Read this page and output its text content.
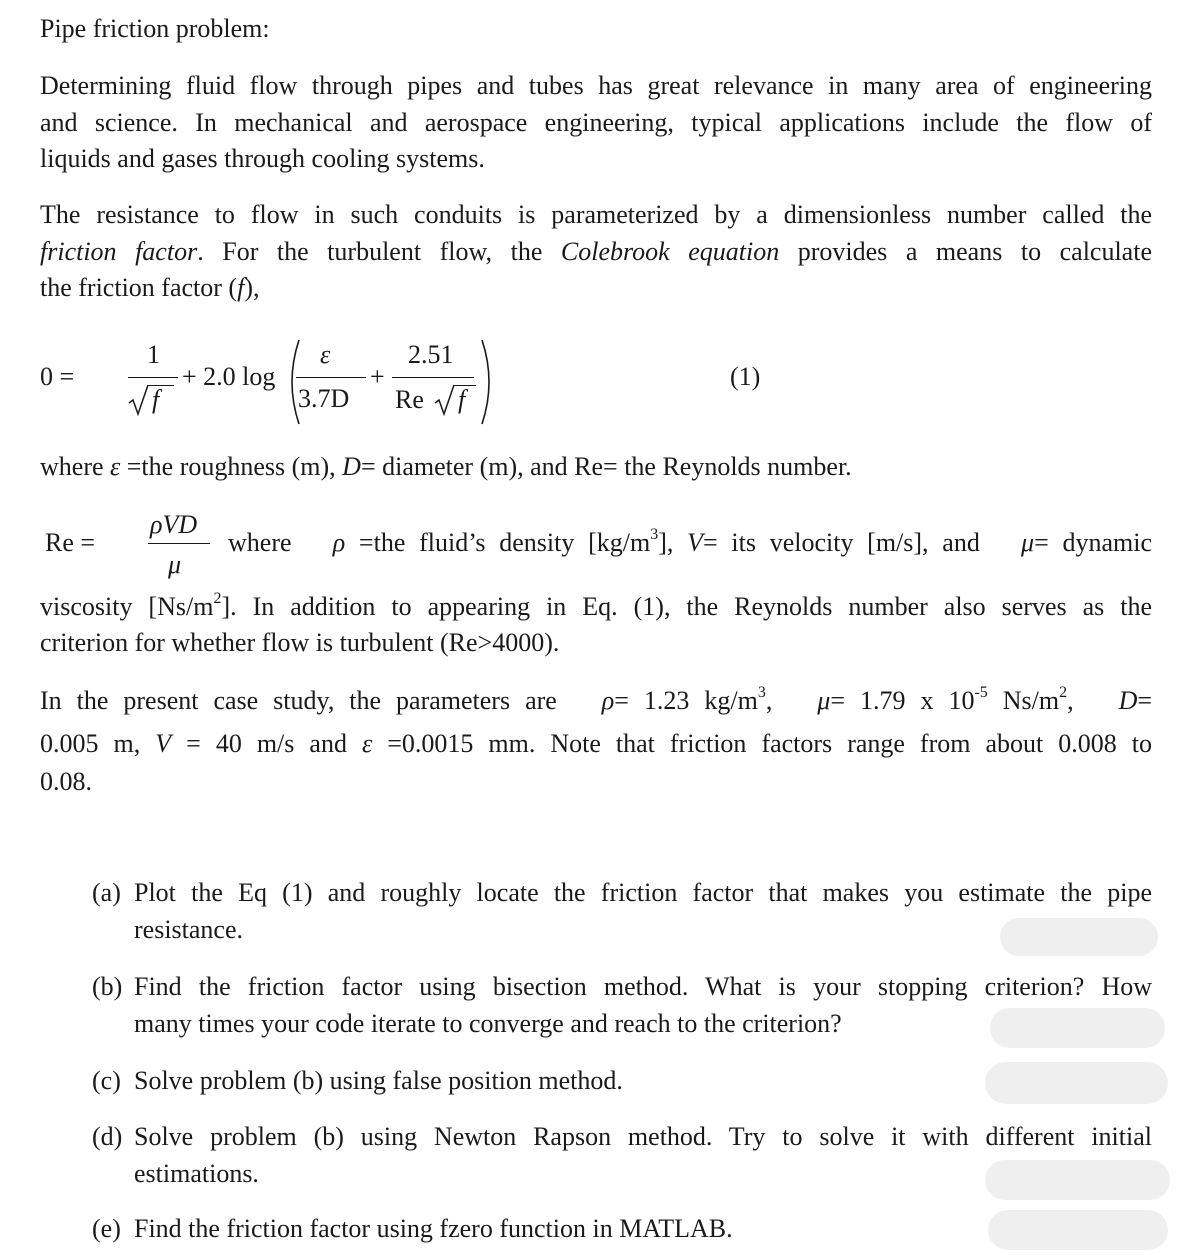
Pipe friction problem:
Determining fluid flow through pipes and tubes has great relevance in many area of engineering
and science. In mechanical and aerospace engineering, typical applications include the flow of
liquids and gases through cooling systems.
The resistance to flow in such conduits is parameterized by a dimensionless number called the
friction factor. For the turbulent flow, the Colebrook equation provides a means to calculate
the friction factor (f),
0 =
1
f
+ 2.0 log
ε
3.7D
+
2.51
Re f
(1)
where ε =the roughness (m), D= diameter (m), and Re= the Reynolds number.
Re =
ρVD
μ
where ρ =the fluid’s density $[kg/m^3]$, V= its velocity [m/s], and μ= dynamic
viscosity $[Ns/m^2]$. In addition to appearing in Eq. (1), the Reynolds number also serves as the
criterion for whether flow is turbulent (Re>4000).
In the present case study, the parameters are ρ= 1.23 $kg/m^3$, μ= 1.79 x $10^{-5}$ $Ns/m^2$, D=
0.005 m, V = 40 m/s and ε =0.0015 mm. Note that friction factors range from about 0.008 to
0.08.
(a) Plot the Eq (1) and roughly locate the friction factor that makes you estimate the pipe
resistance.
(b) Find the friction factor using bisection method. What is your stopping criterion? How
many times your code iterate to converge and reach to the criterion?
(c) Solve problem (b) using false position method.
(d) Solve problem (b) using Newton Rapson method. Try to solve it with different initial
estimations.
(e) Find the friction factor using fzero function in MATLAB.
